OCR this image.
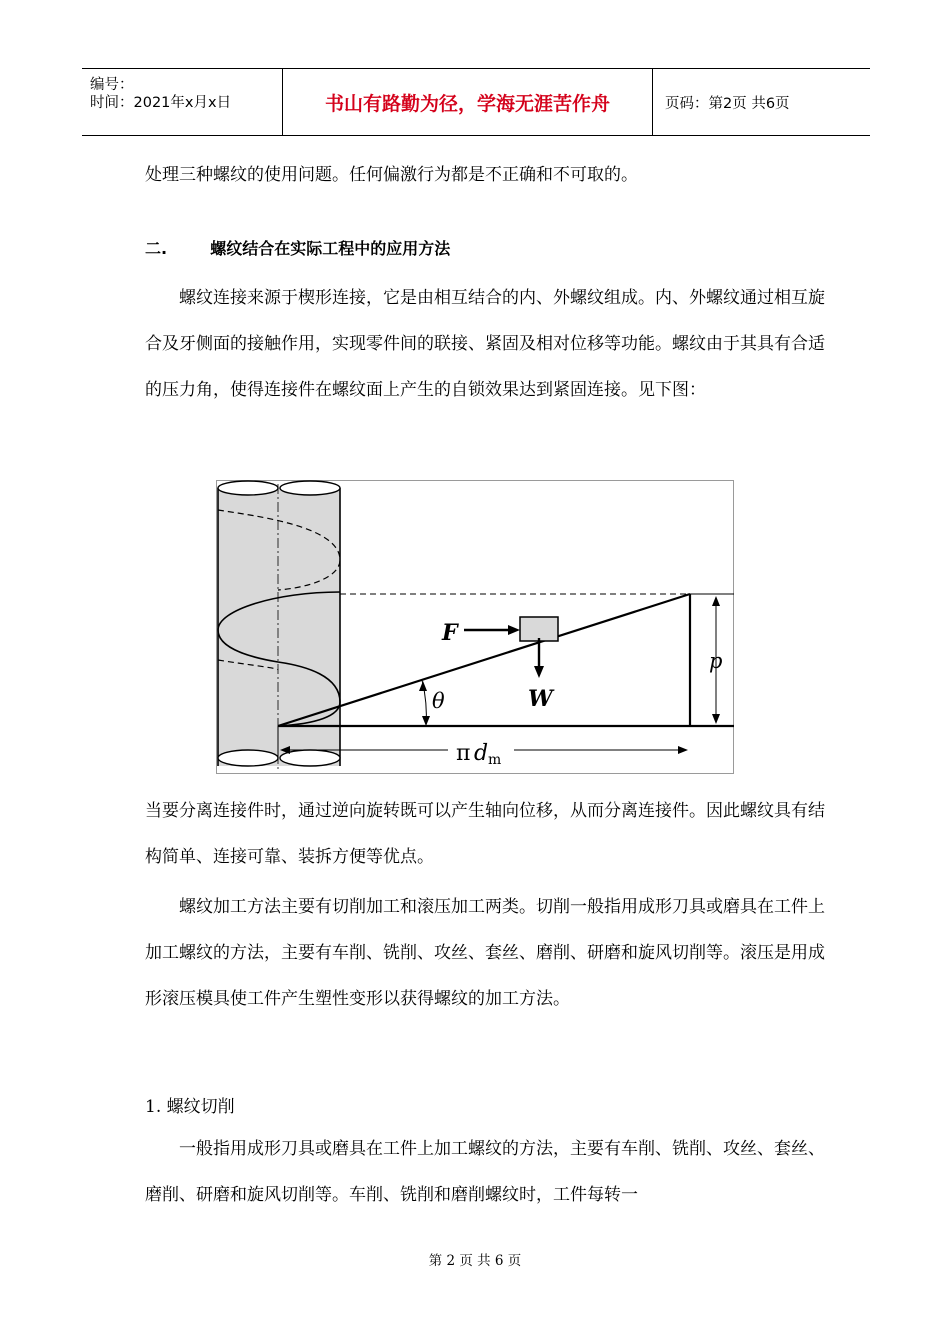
编号：
时间：2021年x月x日	书山有路勤为径，学海无涯苦作舟	页码：第2页 共6页
处理三种螺纹的使用问题。任何偏激行为都是不正确和不可取的。
二.	螺纹结合在实际工程中的应用方法
螺纹连接来源于楔形连接，它是由相互结合的内、外螺纹组成。内、外螺纹通过相互旋合及牙侧面的接触作用，实现零件间的联接、紧固及相对位移等功能。螺纹由于其具有合适的压力角，使得连接件在螺纹面上产生的自锁效果达到紧固连接。见下图：
F
W
θ
p
π d m
当要分离连接件时，通过逆向旋转既可以产生轴向位移，从而分离连接件。因此螺纹具有结构简单、连接可靠、装拆方便等优点。
螺纹加工方法主要有切削加工和滚压加工两类。切削一般指用成形刀具或磨具在工件上加工螺纹的方法，主要有车削、铣削、攻丝、套丝、磨削、研磨和旋风切削等。滚压是用成形滚压模具使工件产生塑性变形以获得螺纹的加工方法。
1. 螺纹切削
一般指用成形刀具或磨具在工件上加工螺纹的方法，主要有车削、铣削、攻丝、套丝、磨削、研磨和旋风切削等。车削、铣削和磨削螺纹时，工件每转一
第 2 页 共 6 页
